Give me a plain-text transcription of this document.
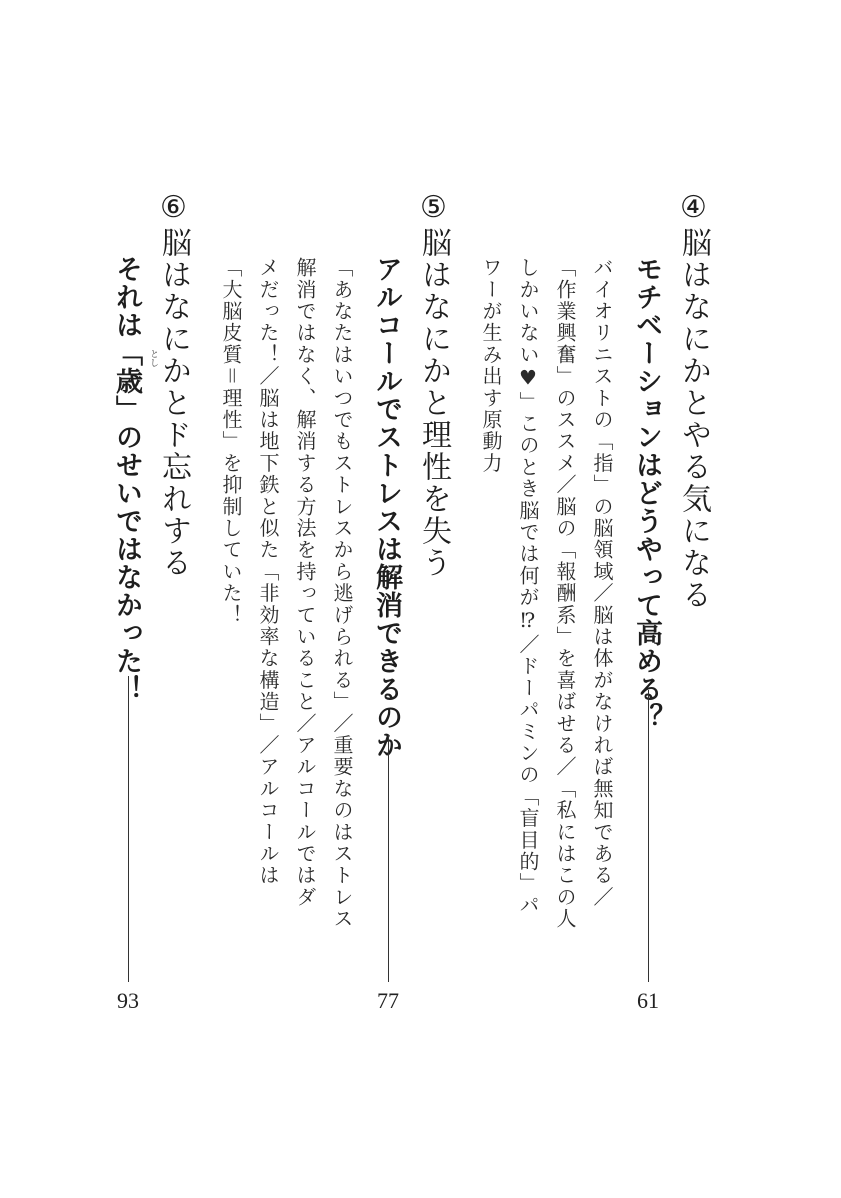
④脳はなにかとやる気になる
モチベーションはどうやって高める？
61
バイオリニストの「指」の脳領域／脳は体がなければ無知である／
「作業興奮」のススメ／脳の「報酬系」を喜ばせる／「私にはこの人
しかいない♥」このとき脳では何が⁉／ドーパミンの「盲目的」パ
ワーが生み出す原動力
⑤脳はなにかと理性を失う
アルコールでストレスは解消できるのか
77
「あなたはいつでもストレスから逃げられる」／重要なのはストレス
解消ではなく、解消する方法を持っていること／アルコールではダ
メだった！／脳は地下鉄と似た「非効率な構造」／アルコールは
「大脳皮質＝理性」を抑制していた！
⑥脳はなにかとド忘れする
それは「歳」のせいではなかった！ とし
93
